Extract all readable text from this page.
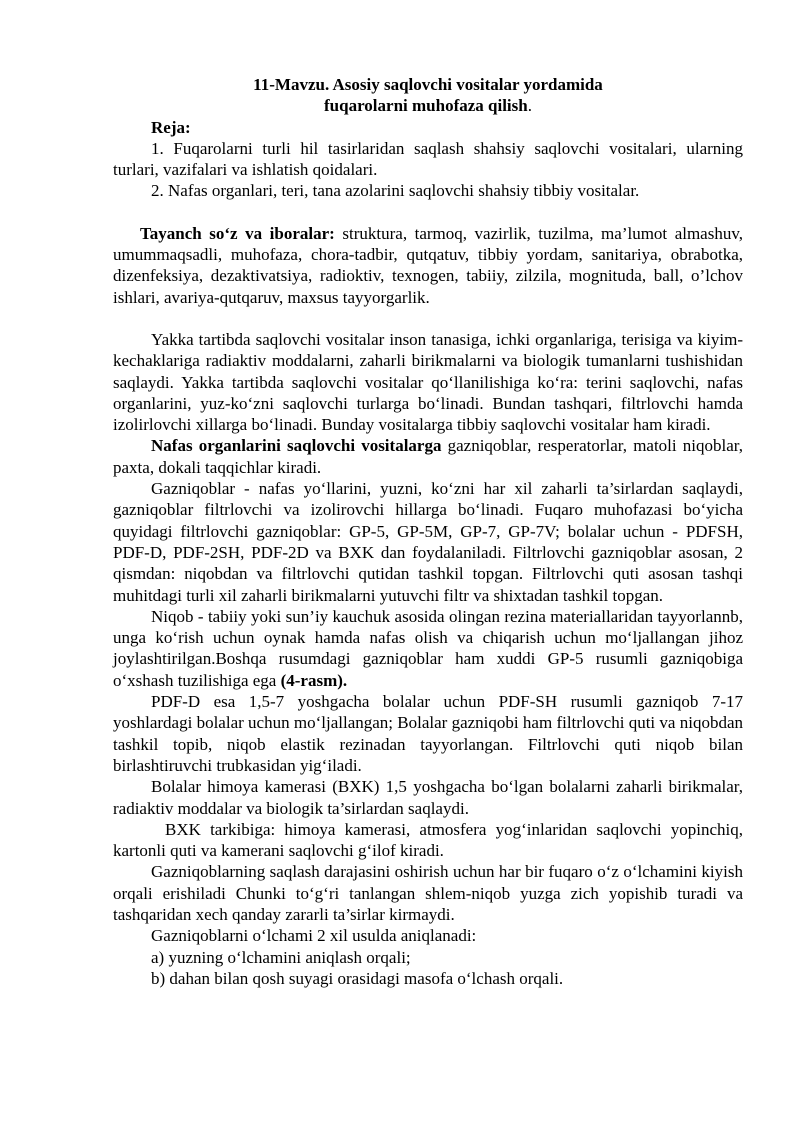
11-Mavzu. Asosiy saqlovchi vositalar yordamida
fuqarolarni muhofaza qilish.

Reja:

1. Fuqarolarni turli hil tasirlaridan saqlash shahsiy saqlovchi vositalari, ularning turlari, vazifalari va ishlatish qoidalari.

2. Nafas organlari, teri, tana azolarini saqlovchi shahsiy tibbiy vositalar.

Tayanch so‘z va iboralar: struktura, tarmoq, vazirlik, tuzilma, ma’lumot almashuv, umummaqsadli, muhofaza, chora-tadbir, qutqatuv, tibbiy yordam, sanitariya, obrabotka, dizenfeksiya, dezaktivatsiya, radioktiv, texnogen, tabiiy, zilzila, mognituda, ball, o’lchov ishlari, avariya-qutqaruv, maxsus tayyorgarlik.

Yakka tartibda saqlovchi vositalar inson tanasiga, ichki organlariga, terisiga va kiyim-kechaklariga radiaktiv moddalarni, zaharli birikmalarni va biologik tumanlarni tushishidan saqlaydi. Yakka tartibda saqlovchi vositalar qo‘llanilishiga ko‘ra: terini saqlovchi, nafas organlarini, yuz-ko‘zni saqlovchi turlarga bo‘linadi. Bundan tashqari, filtrlovchi hamda izolirlovchi xillarga bo‘linadi. Bunday vositalarga tibbiy saqlovchi vositalar ham kiradi.

Nafas organlarini saqlovchi vositalarga gazniqoblar, resperatorlar, matoli niqoblar, paxta, dokali taqqichlar kiradi.

Gazniqoblar - nafas yo‘llarini, yuzni, ko‘zni har xil zaharli ta’sirlardan saqlaydi, gazniqoblar filtrlovchi va izolirovchi hillarga bo‘linadi. Fuqaro muhofazasi bo‘yicha quyidagi filtrlovchi gazniqoblar: GP-5, GP-5M, GP-7, GP-7V; bolalar uchun - PDFSH, PDF-D, PDF-2SH, PDF-2D va BXK dan foydalaniladi. Filtrlovchi gazniqoblar asosan, 2 qismdan: niqobdan va filtrlovchi qutidan tashkil topgan. Filtrlovchi quti asosan tashqi muhitdagi turli xil zaharli birikmalarni yutuvchi filtr va shixtadan tashkil topgan.

Niqob - tabiiy yoki sun’iy kauchuk asosida olingan rezina materiallaridan tayyorlannb, unga ko‘rish uchun oynak hamda nafas olish va chiqarish uchun mo‘ljallangan jihoz joylashtirilgan.Boshqa rusumdagi gazniqoblar ham xuddi GP-5 rusumli gazniqobiga o‘xshash tuzilishiga ega (4-rasm).

PDF-D esa 1,5-7 yoshgacha bolalar uchun PDF-SH rusumli gazniqob 7-17 yoshlardagi bolalar uchun mo‘ljallangan; Bolalar gazniqobi ham filtrlovchi quti va niqobdan tashkil topib, niqob elastik rezinadan tayyorlangan. Filtrlovchi quti niqob bilan birlashtiruvchi trubkasidan yig‘iladi.

Bolalar himoya kamerasi (BXK) 1,5 yoshgacha bo‘lgan bolalarni zaharli birikmalar, radiaktiv moddalar va biologik ta’sirlardan saqlaydi.

BXK tarkibiga: himoya kamerasi, atmosfera yog‘inlaridan saqlovchi yopinchiq, kartonli quti va kamerani saqlovchi g‘ilof kiradi.

Gazniqoblarning saqlash darajasini oshirish uchun har bir fuqaro o‘z o‘lchamini kiyish orqali erishiladi Chunki to‘g‘ri tanlangan shlem-niqob yuzga zich yopishib turadi va tashqaridan xech qanday zararli ta’sirlar kirmaydi.

Gazniqoblarni o‘lchami 2 xil usulda aniqlanadi:

a) yuzning o‘lchamini aniqlash orqali;

b) dahan bilan qosh suyagi orasidagi masofa o‘lchash orqali.
